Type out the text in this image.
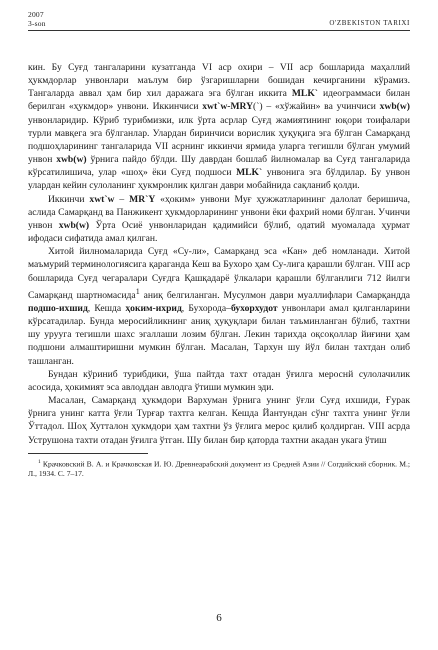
2007
3-son	O'ZBEKISTON TARIXI

кин. Бу Суғд тангаларини кузатганда VI аср охири – VII аср бошларида маҳаллий ҳукмдорлар унвонлари маълум бир ўзгаришларни бошидан кечирганини кўрамиз. Тангаларда аввал ҳам бир хил даражага эга бўлган иккита MLK` идеограммаси билан берилган «ҳукмдор» унвони. Иккинчиси xwt`w-MRY(`) – «хўжайин» ва учинчиси xwb(w) унвонларидир. Кўриб турибмизки, илк ўрта асрлар Суғд жамиятининг юқори тоифалари турли мавқега эга бўлганлар. Улардан биринчиси ворислик ҳуқуқига эга бўлган Самарқанд подшоҳларининг тангаларида VII асрнинг иккинчи ярмида уларга тегишли бўлган умумий унвон xwb(w) ўрнига пайдо бўлди. Шу даврдан бошлаб йилномалар ва Суғд тангаларида кўрсатилишича, улар «шоҳ» ёки Суғд подшоси MLK` унвонига эга бўлдилар. Бу унвон улардан кейин сулоланинг ҳукмронлик қилган даври мобайнида сақланиб қолди.

Иккинчи xwt`w – MR`Y «ҳоким» унвони Муғ ҳужжатларининг далолат беришича, аслида Самарқанд ва Панжикент ҳукмдорларининг унвони ёки фахрий номи бўлган. Учинчи унвон xwb(w) Ўрта Осиё унвонларидан қадимийси бўлиб, одатий муомалада ҳурмат ифодаси сифатида амал қилган.

Хитой йилномаларида Суғд «Су-ли», Самарқанд эса «Кан» деб номланади. Хитой маъмурий терминологиясига қараганда Кеш ва Бухоро ҳам Су-лига қарашли бўлган. VIII аср бошларида Суғд чегаралари Суғдга Қашқадарё ўлкалари қарашли бўлганлиги 712 йилги Самарқанд шартномасида$^1$ аниқ белгиланган. Мусулмон даври муаллифлари Самарқандда подшо-ихшид, Кешда ҳоким-ихрид, Бухорода–бухорхудот унвонлари амал қилганларини кўрсатадилар. Бунда меросийликнинг аниқ ҳуқуқлари билан таъминланган бўлиб, тахтни шу урууга тегишли шахс эгаллаши лозим бўлган. Лекин тарихда оқсоқоллар йиғини ҳам подшони алмаштиришни мумкин бўлган. Масалан, Тархун шу йўл билан тахтдан олиб ташланган.

Бундан кўриниб турибдики, ўша пайтда тахт отадан ўғилга мероснй сулолачилик асосида, ҳокимият эса авлоддан авлодга ўтиши мумкин эди.

Масалан, Самарқанд ҳукмдори Вархуман ўрнига унинг ўғли Суғд ихшиди, Ғурак ўрнига унинг катта ўғли Турғар тахтга келган. Кешда Йантундан сўнг тахтга унинг ўғли Ўттадол. Шоҳ Хутталон ҳукмдори ҳам тахтни ўз ўғлига мерос қилиб қолдирган. VIII асрда Уструшона тахти отадан ўғилга ўтган. Шу билан бир қаторда тахтни акадан укага ўтиш

$^1$ Крачковский В. А. и Крачковская И. Ю. Древнеарабский документ из Средней Азии // Согдийский сборник. М.; Л., 1934. С. 7–17.
6
